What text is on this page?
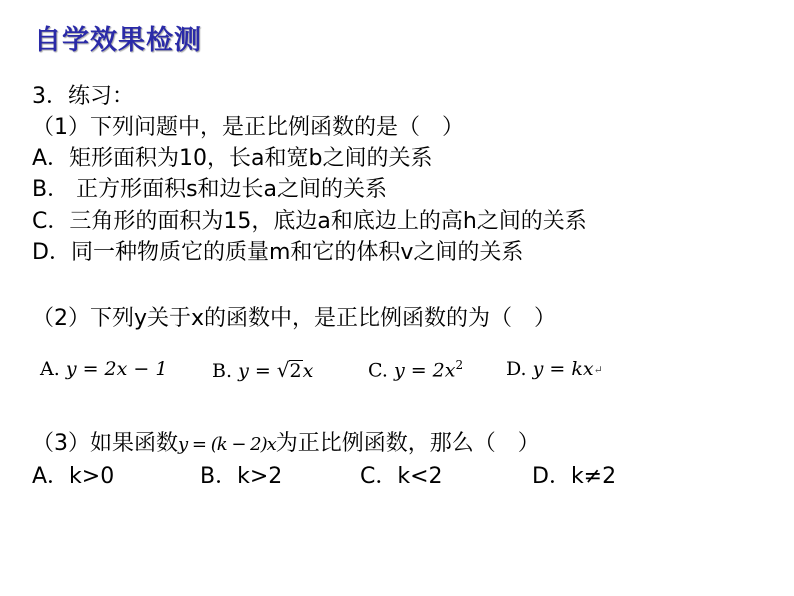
自学效果检测
3．练习：
（1）下列问题中，是正比例函数的是（　）
A．矩形面积为10，长a和宽b之间的关系
B． 正方形面积s和边长a之间的关系
C．三角形的面积为15，底边a和底边上的高h之间的关系
D．同一种物质它的质量m和它的体积v之间的关系
（2）下列y关于x的函数中，是正比例函数的为（　）
A. y = 2x − 1 B. y = √2x	C. $y = 2x^2$ D. y = kx↵
（3）如果函数y = (k − 2)x为正比例函数，那么（　）
A．k>0	B．k>2	C．k<2	D．k≠2
